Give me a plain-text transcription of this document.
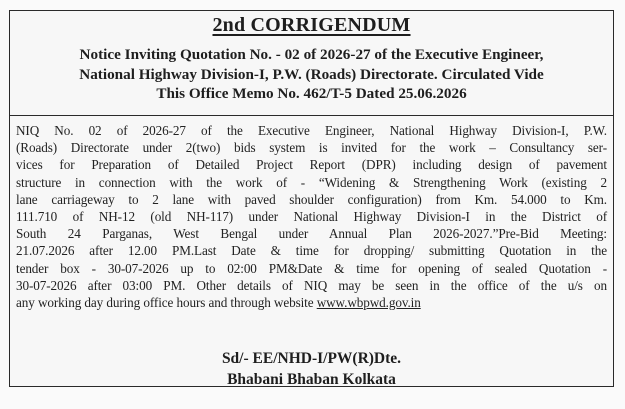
2nd CORRIGENDUM
Notice Inviting Quotation No. - 02 of 2026-27 of the Executive Engineer,
National Highway Division-I, P.W. (Roads) Directorate. Circulated Vide
This Office Memo No. 462/T-5 Dated 25.06.2026
NIQ No. 02 of 2026-27 of the Executive Engineer, National Highway Division-I, P.W.
(Roads) Directorate under 2(two) bids system is invited for the work – Consultancy ser-
vices for Preparation of Detailed Project Report (DPR) including design of pavement
structure in connection with the work of - “Widening & Strengthening Work (existing 2
lane carriageway to 2 lane with paved shoulder configuration) from Km. 54.000 to Km.
111.710 of NH-12 (old NH-117) under National Highway Division-I in the District of
South 24 Parganas, West Bengal under Annual Plan 2026-2027.”Pre-Bid Meeting:
21.07.2026 after 12.00 PM.Last Date & time for dropping/ submitting Quotation in the
tender box - 30-07-2026 up to 02:00 PM&Date & time for opening of sealed Quotation -
30-07-2026 after 03:00 PM. Other details of NIQ may be seen in the office of the u/s on
any working day during office hours and through website www.wbpwd.gov.in
Sd/- EE/NHD-I/PW(R)Dte.
Bhabani Bhaban Kolkata
